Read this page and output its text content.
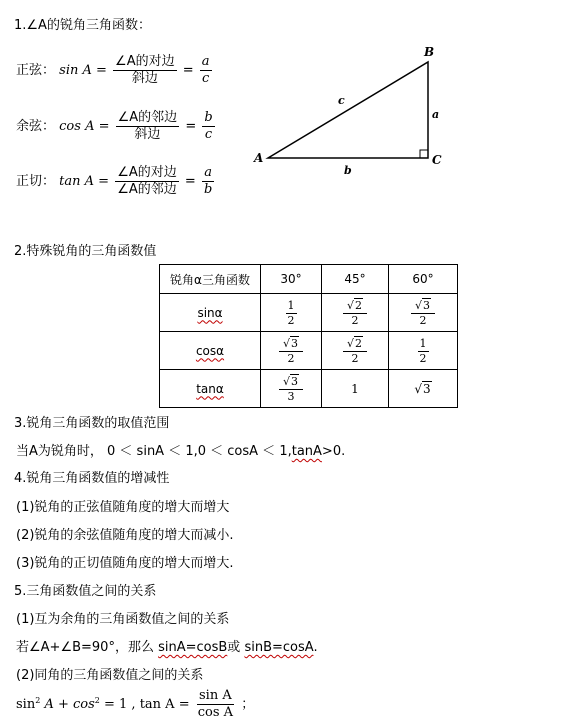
1.∠A的锐角三角函数：
正弦： $\sin A = \frac{\text{∠A的对边}}{\text{斜边}} = \frac{a}{c}$
余弦： $\cos A = \frac{\text{∠A的邻边}}{\text{斜边}} = \frac{b}{c}$
正切： $\tan A = \frac{\text{∠A的对边}}{\text{∠A的邻边}} = \frac{a}{b}$
A
B
C
a
b
c
2.特殊锐角的三角函数值
锐角α三角函数	30°	45°	60°
sinα	$\frac{1}{2}$	$\frac{√2}{2}$	$\frac{√3}{2}$

cosα	$\frac{√3}{2}$	$\frac{√2}{2}$	$\frac{1}{2}$

tanα	$\frac{√3}{3}$	1	√3
3.锐角三角函数的取值范围
当A为锐角时， 0 ＜ sinA ＜ 1,0 ＜ cosA ＜ 1,tanA>0.
4.锐角三角函数值的增减性
(1)锐角的正弦值随角度的增大而增大
(2)锐角的余弦值随角度的增大而减小.
(3)锐角的正切值随角度的增大而增大.
5.三角函数值之间的关系
(1)互为余角的三角函数值之间的关系
若∠A+∠B=90°，那么 sinA=cosB或 sinB=cosA.
(2)同角的三角函数值之间的关系
$\sin^2 A + \cos^2 = 1$ , $\tan A = \frac{\text{sin A}}{\text{cos A}}$ ；
